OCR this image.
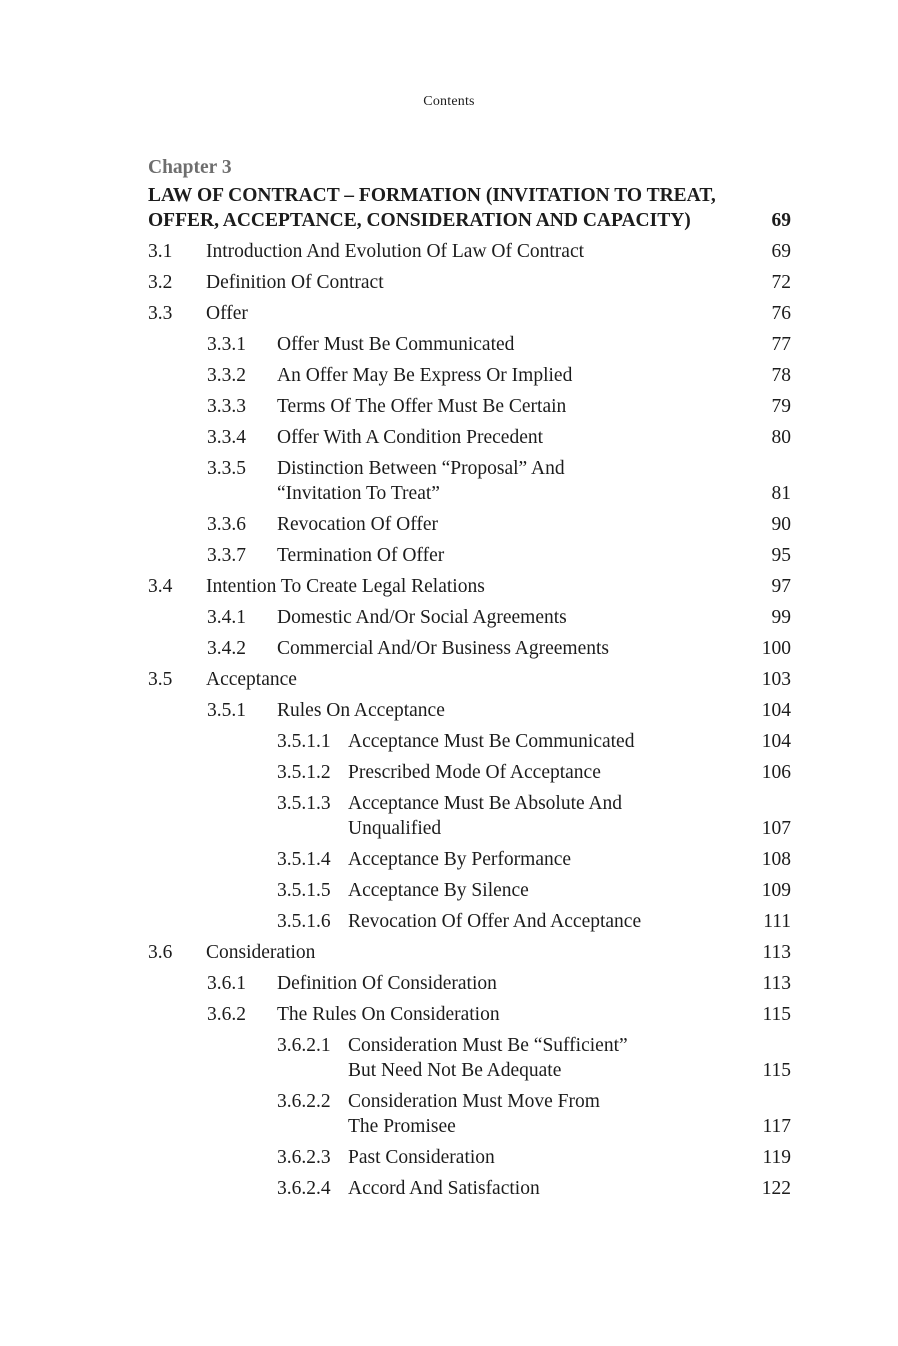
Contents
Chapter 3
LAW OF CONTRACT – FORMATION (INVITATION TO TREAT,
OFFER, ACCEPTANCE, CONSIDERATION AND CAPACITY)	69
3.1 Introduction And Evolution Of Law Of Contract	69
3.2 Definition Of Contract	72
3.3 Offer	76
3.3.1 Offer Must Be Communicated	77
3.3.2 An Offer May Be Express Or Implied	78
3.3.3 Terms Of The Offer Must Be Certain	79
3.3.4 Offer With A Condition Precedent	80
3.3.5 Distinction Between “Proposal” And
“Invitation To Treat”	81
3.3.6 Revocation Of Offer	90
3.3.7 Termination Of Offer	95
3.4 Intention To Create Legal Relations	97
3.4.1 Domestic And/Or Social Agreements	99
3.4.2 Commercial And/Or Business Agreements	100
3.5 Acceptance	103
3.5.1 Rules On Acceptance	104
3.5.1.1 Acceptance Must Be Communicated	104
3.5.1.2 Prescribed Mode Of Acceptance	106
3.5.1.3 Acceptance Must Be Absolute And
Unqualified	107
3.5.1.4 Acceptance By Performance	108
3.5.1.5 Acceptance By Silence	109
3.5.1.6 Revocation Of Offer And Acceptance	111
3.6 Consideration	113
3.6.1 Definition Of Consideration	113
3.6.2 The Rules On Consideration	115
3.6.2.1 Consideration Must Be “Sufficient”
But Need Not Be Adequate	115
3.6.2.2 Consideration Must Move From
The Promisee	117
3.6.2.3 Past Consideration	119
3.6.2.4 Accord And Satisfaction	122
